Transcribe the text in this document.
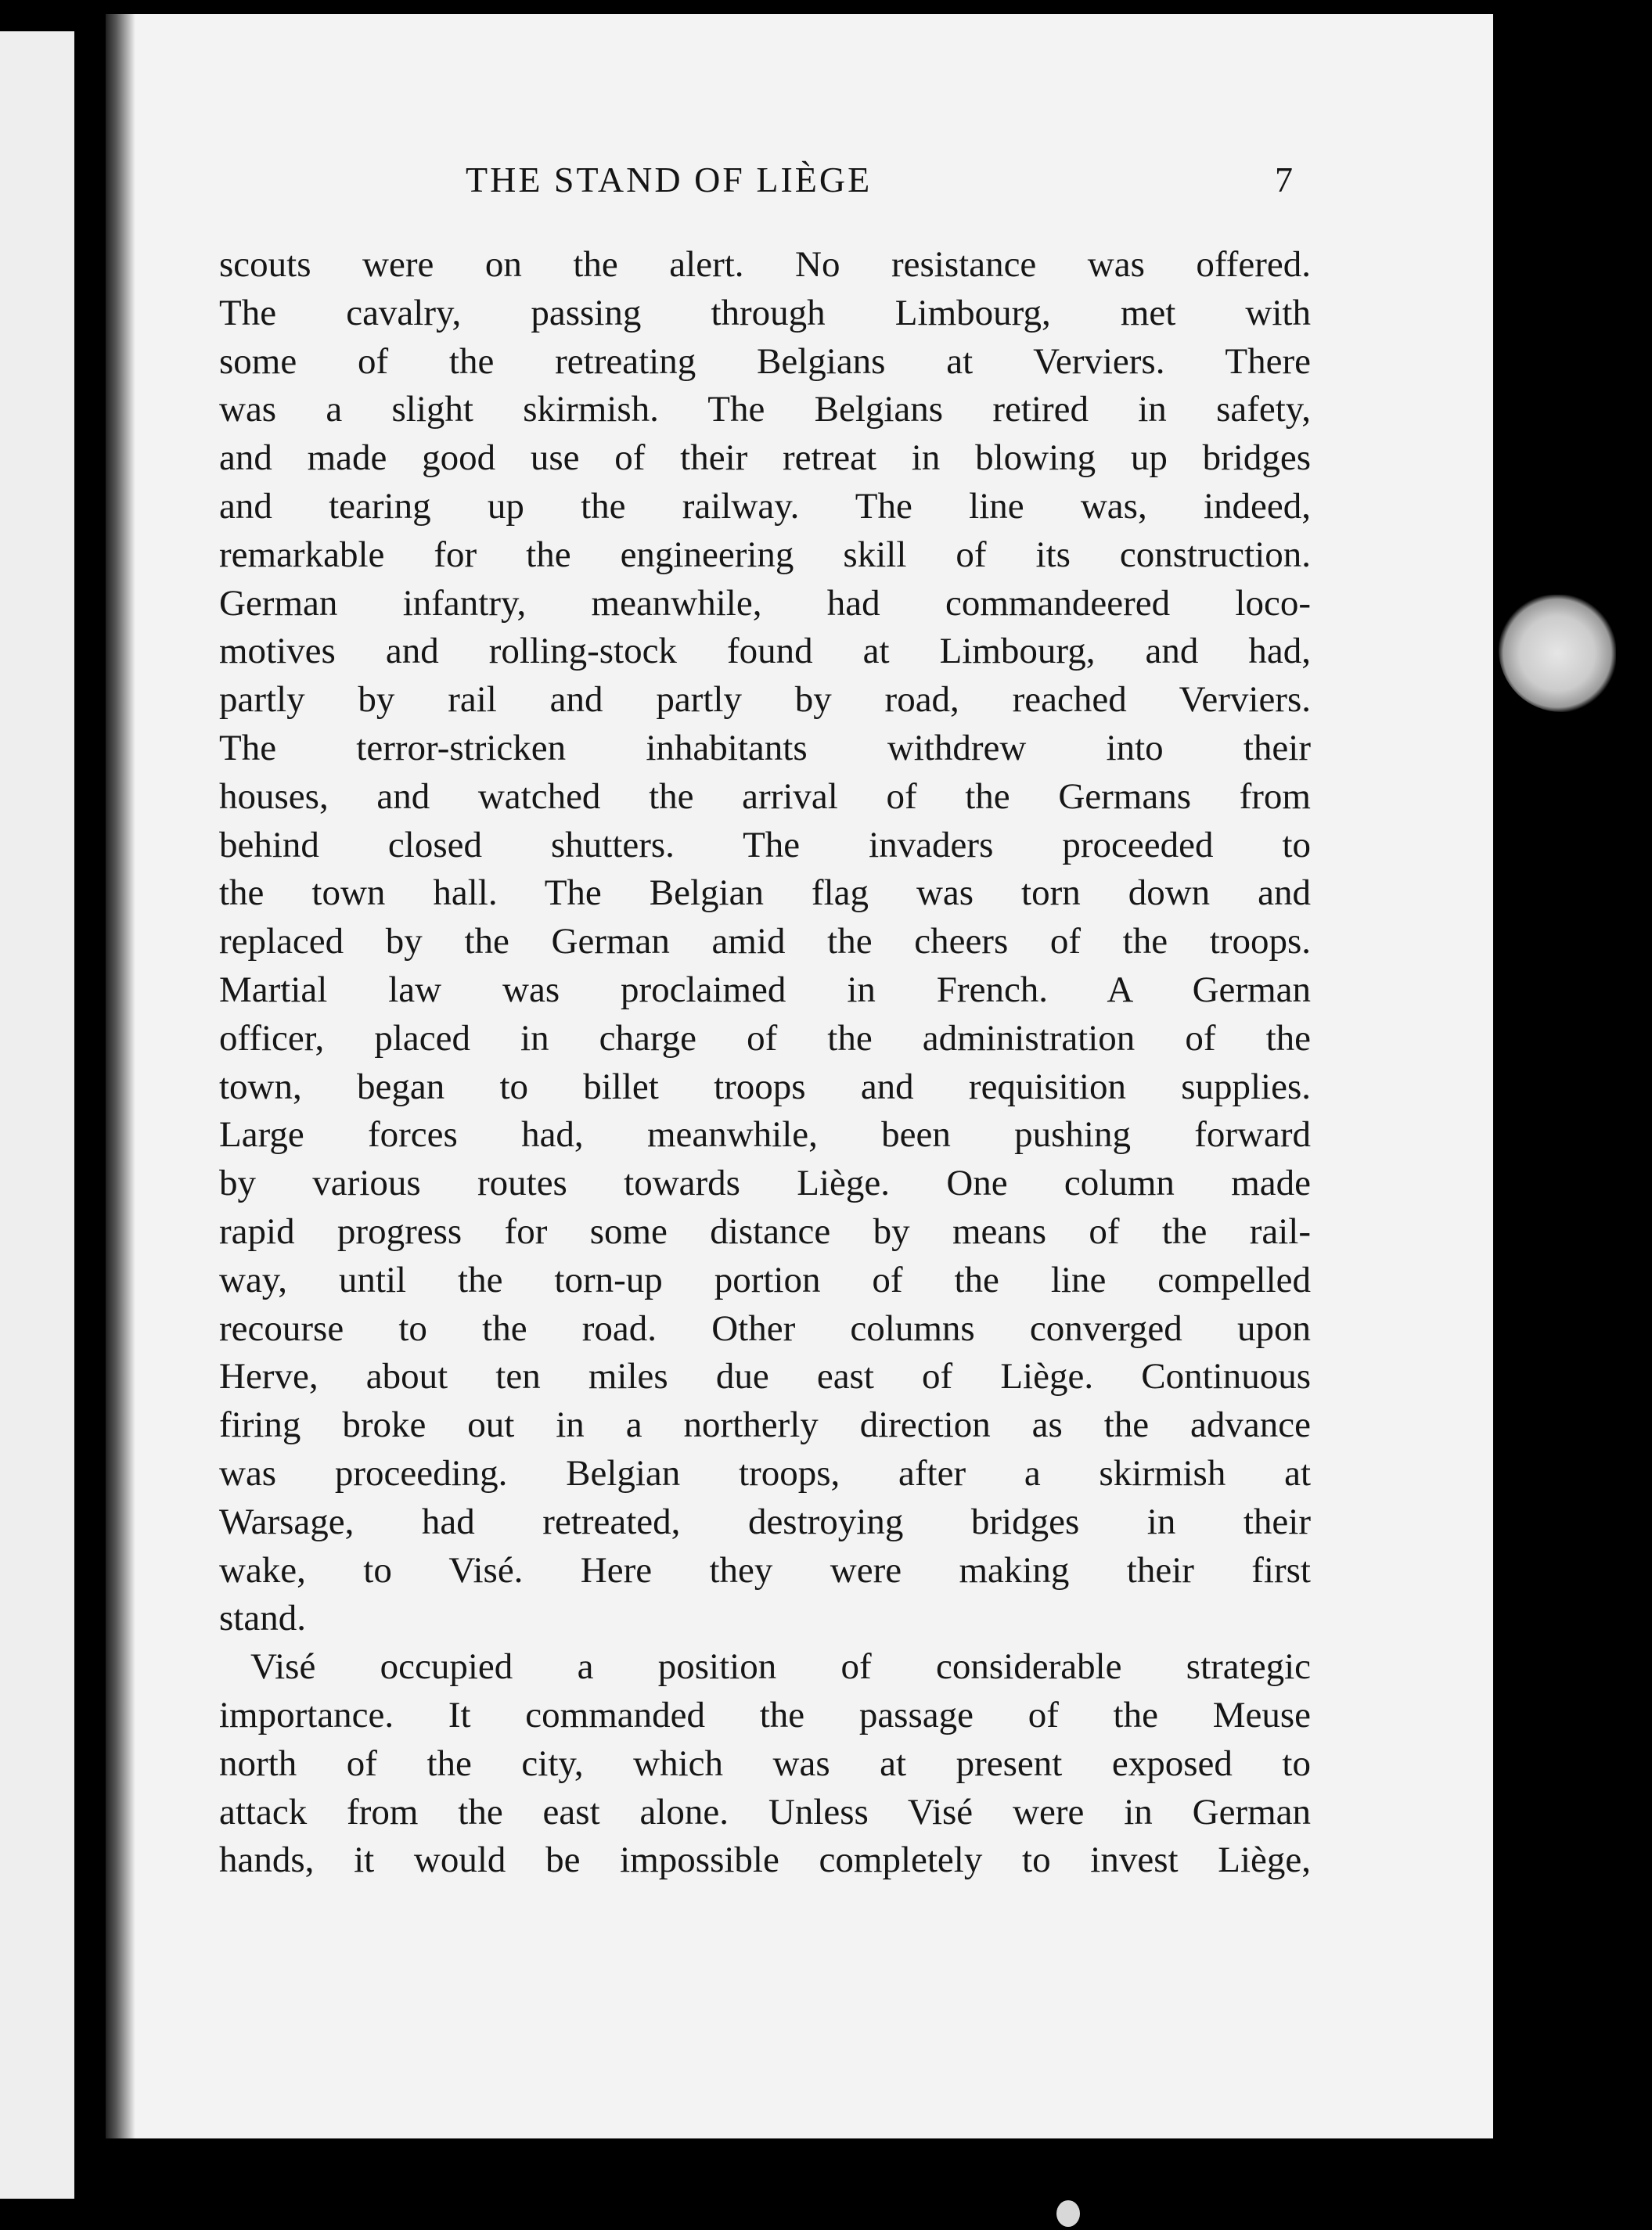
THE STAND OF LIÈGE	7
scouts were on the alert. No resistance was offered.
The cavalry, passing through Limbourg, met with
some of the retreating Belgians at Verviers. There
was a slight skirmish. The Belgians retired in safety,
and made good use of their retreat in blowing up bridges
and tearing up the railway. The line was, indeed,
remarkable for the engineering skill of its construction.
German infantry, meanwhile, had commandeered loco-
motives and rolling-stock found at Limbourg, and had,
partly by rail and partly by road, reached Verviers.
The terror-stricken inhabitants withdrew into their
houses, and watched the arrival of the Germans from
behind closed shutters. The invaders proceeded to
the town hall. The Belgian flag was torn down and
replaced by the German amid the cheers of the troops.
Martial law was proclaimed in French. A German
officer, placed in charge of the administration of the
town, began to billet troops and requisition supplies.
Large forces had, meanwhile, been pushing forward
by various routes towards Liège. One column made
rapid progress for some distance by means of the rail-
way, until the torn-up portion of the line compelled
recourse to the road. Other columns converged upon
Herve, about ten miles due east of Liège. Continuous
firing broke out in a northerly direction as the advance
was proceeding. Belgian troops, after a skirmish at
Warsage, had retreated, destroying bridges in their
wake, to Visé. Here they were making their first
stand.
Visé occupied a position of considerable strategic
importance. It commanded the passage of the Meuse
north of the city, which was at present exposed to
attack from the east alone. Unless Visé were in German
hands, it would be impossible completely to invest Liège,
